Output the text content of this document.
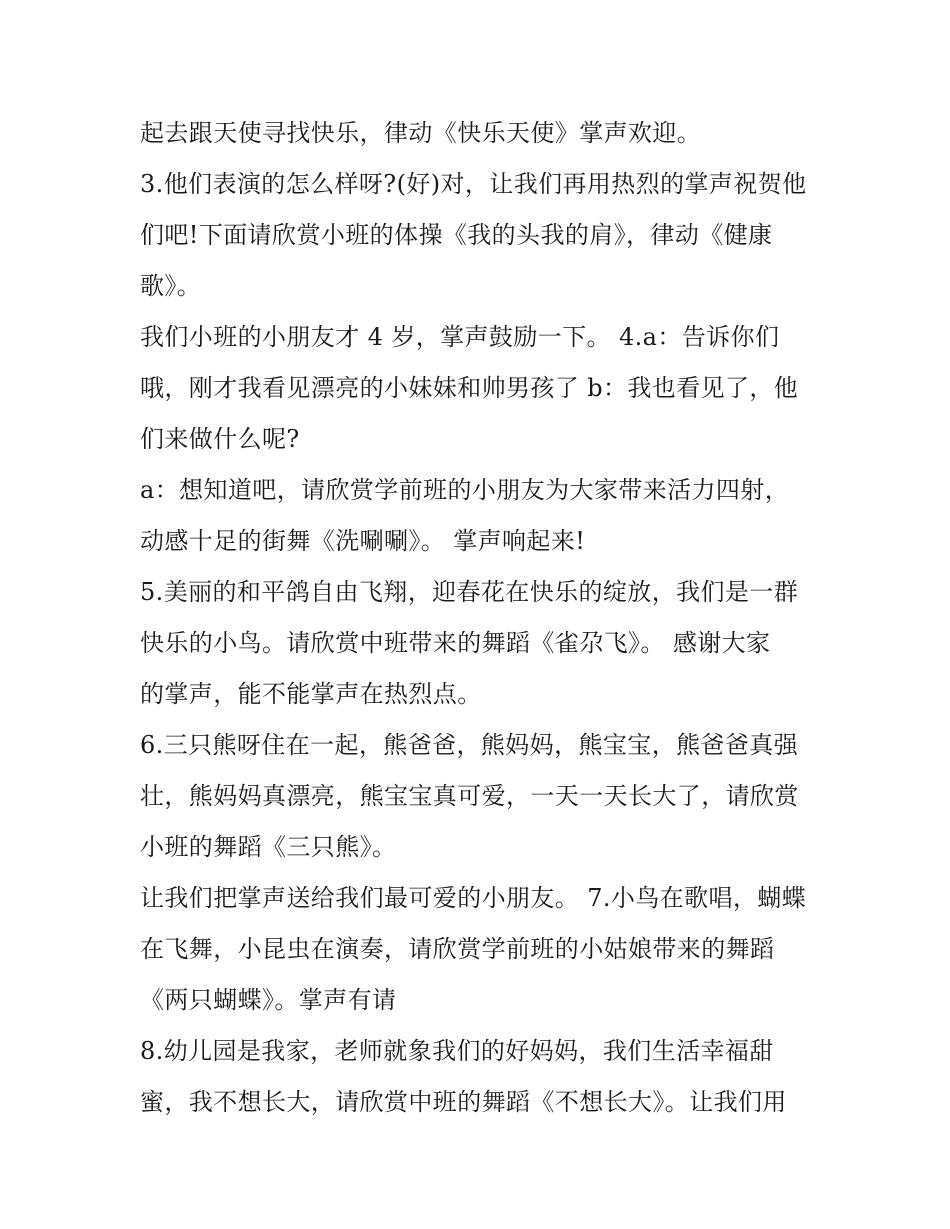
起去跟天使寻找快乐，律动《快乐天使》掌声欢迎。
3.他们表演的怎么样呀?(好)对，让我们再用热烈的掌声祝贺他
们吧!下面请欣赏小班的体操《我的头我的肩》，律动《健康
歌》。
我们小班的小朋友才 4 岁，掌声鼓励一下。 4.a：告诉你们
哦，刚才我看见漂亮的小妹妹和帅男孩了 b：我也看见了，他
们来做什么呢?
a：想知道吧，请欣赏学前班的小朋友为大家带来活力四射，
动感十足的街舞《洗唰唰》。 掌声响起来!
5.美丽的和平鸽自由飞翔，迎春花在快乐的绽放，我们是一群
快乐的小鸟。请欣赏中班带来的舞蹈《雀尕飞》。 感谢大家
的掌声，能不能掌声在热烈点。
6.三只熊呀住在一起，熊爸爸，熊妈妈，熊宝宝，熊爸爸真强
壮，熊妈妈真漂亮，熊宝宝真可爱，一天一天长大了，请欣赏
小班的舞蹈《三只熊》。
让我们把掌声送给我们最可爱的小朋友。 7.小鸟在歌唱，蝴蝶
在飞舞，小昆虫在演奏，请欣赏学前班的小姑娘带来的舞蹈
《两只蝴蝶》。掌声有请
8.幼儿园是我家，老师就象我们的好妈妈，我们生活幸福甜
蜜，我不想长大，请欣赏中班的舞蹈《不想长大》。让我们用
